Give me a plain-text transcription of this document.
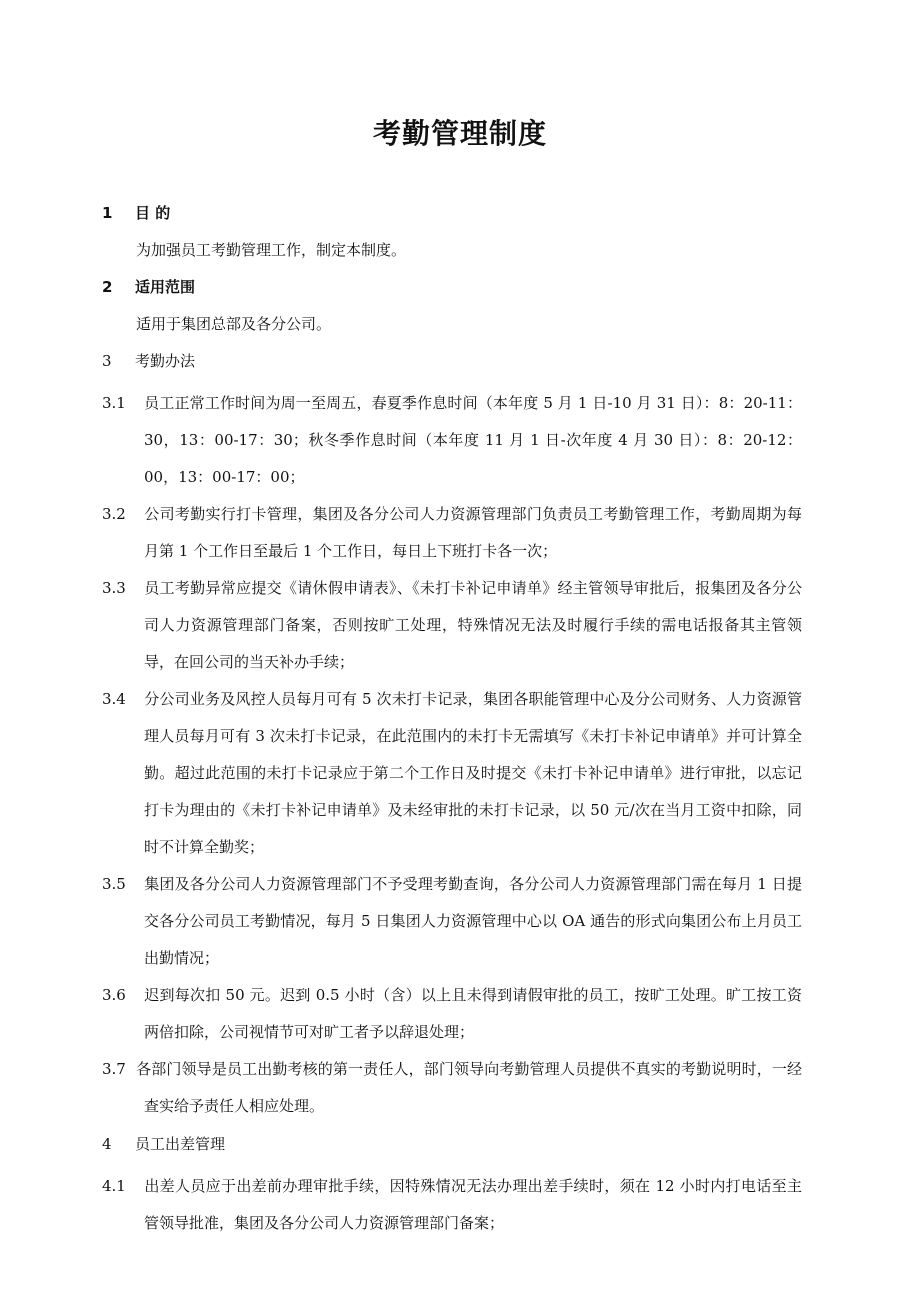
考勤管理制度
1	目 的
为加强员工考勤管理工作，制定本制度。
2	适用范围
适用于集团总部及各分公司。
3	考勤办法
3.1 员工正常工作时间为周一至周五，春夏季作息时间（本年度 5 月 1 日-10 月 31 日）：8：20-11：30，13：00-17：30；秋冬季作息时间（本年度 11 月 1 日-次年度 4 月 30 日）：8：20-12：00，13：00-17：00；
3.2 公司考勤实行打卡管理，集团及各分公司人力资源管理部门负责员工考勤管理工作，考勤周期为每月第 1 个工作日至最后 1 个工作日，每日上下班打卡各一次；
3.3 员工考勤异常应提交《请休假申请表》、《未打卡补记申请单》经主管领导审批后，报集团及各分公司人力资源管理部门备案，否则按旷工处理，特殊情况无法及时履行手续的需电话报备其主管领导，在回公司的当天补办手续；
3.4 分公司业务及风控人员每月可有 5 次未打卡记录，集团各职能管理中心及分公司财务、人力资源管理人员每月可有 3 次未打卡记录，在此范围内的未打卡无需填写《未打卡补记申请单》并可计算全勤。超过此范围的未打卡记录应于第二个工作日及时提交《未打卡补记申请单》进行审批，以忘记打卡为理由的《未打卡补记申请单》及未经审批的未打卡记录，以 50 元/次在当月工资中扣除，同时不计算全勤奖；
3.5 集团及各分公司人力资源管理部门不予受理考勤查询，各分公司人力资源管理部门需在每月 1 日提交各分公司员工考勤情况，每月 5 日集团人力资源管理中心以 OA 通告的形式向集团公布上月员工出勤情况；
3.6 迟到每次扣 50 元。迟到 0.5 小时（含）以上且未得到请假审批的员工，按旷工处理。旷工按工资两倍扣除，公司视情节可对旷工者予以辞退处理；
3.7 各部门领导是员工出勤考核的第一责任人，部门领导向考勤管理人员提供不真实的考勤说明时，一经查实给予责任人相应处理。
4	员工出差管理
4.1 出差人员应于出差前办理审批手续，因特殊情况无法办理出差手续时，须在 12 小时内打电话至主管领导批准，集团及各分公司人力资源管理部门备案；
